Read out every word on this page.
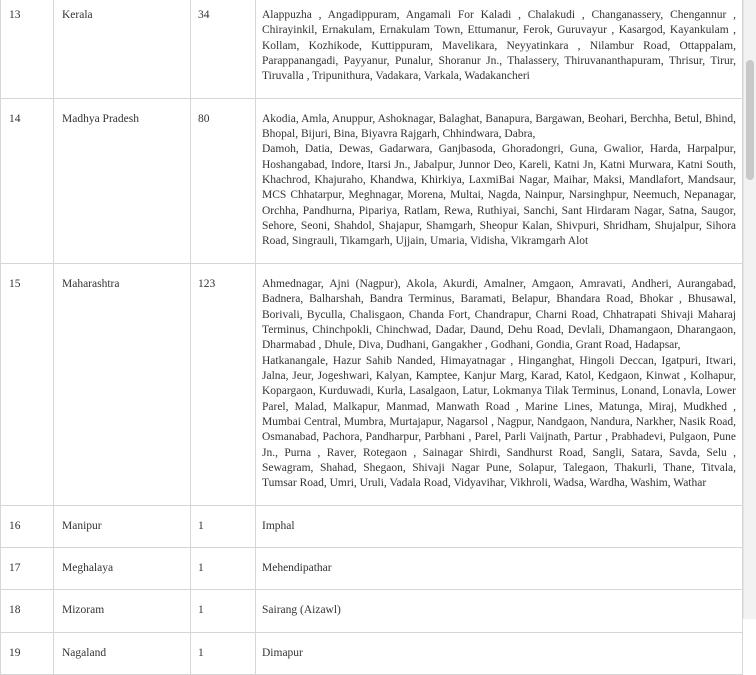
13	Kerala	34	Alappuzha , Angadippuram, Angamali For Kaladi , Chalakudi , Changanassery, Chengannur , Chirayinkil, Ernakulam, Ernakulam Town, Ettumanur, Ferok, Guruvayur , Kasargod, Kayankulam , Kollam, Kozhikode, Kuttippuram, Mavelikara, Neyyatinkara , Nilambur Road, Ottappalam, Parappanangadi, Payyanur, Punalur, Shoranur Jn., Thalassery, Thiruvananthapuram, Thrisur, Tirur, Tiruvalla , Tripunithura, Vadakara, Varkala, Wadakancheri

14	Madhya Pradesh	80	Akodia, Amla, Anuppur, Ashoknagar, Balaghat, Banapura, Bargawan, Beohari, Berchha, Betul, Bhind, Bhopal, Bijuri, Bina, Biyavra Rajgarh, Chhindwara, Dabra,
Damoh, Datia, Dewas, Gadarwara, Ganjbasoda, Ghoradongri, Guna, Gwalior, Harda, Harpalpur, Hoshangabad, Indore, Itarsi Jn., Jabalpur, Junnor Deo, Kareli, Katni Jn, Katni Murwara, Katni South, Khachrod, Khajuraho, Khandwa, Khirkiya, LaxmiBai Nagar, Maihar, Maksi, Mandlafort, Mandsaur, MCS Chhatarpur, Meghnagar, Morena, Multai, Nagda, Nainpur, Narsinghpur, Neemuch, Nepanagar, Orchha, Pandhurna, Pipariya, Ratlam, Rewa, Ruthiyai, Sanchi, Sant Hirdaram Nagar, Satna, Saugor, Sehore, Seoni, Shahdol, Shajapur, Shamgarh, Sheopur Kalan, Shivpuri, Shridham, Shujalpur, Sihora Road, Singrauli, Tikamgarh, Ujjain, Umaria, Vidisha, Vikramgarh Alot

15	Maharashtra	123	Ahmednagar, Ajni (Nagpur), Akola, Akurdi, Amalner, Amgaon, Amravati, Andheri, Aurangabad, Badnera, Balharshah, Bandra Terminus, Baramati, Belapur, Bhandara Road, Bhokar , Bhusawal, Borivali, Byculla, Chalisgaon, Chanda Fort, Chandrapur, Charni Road, Chhatrapati Shivaji Maharaj Terminus, Chinchpokli, Chinchwad, Dadar, Daund, Dehu Road, Devlali, Dhamangaon, Dharangaon, Dharmabad , Dhule, Diva, Dudhani, Gangakher , Godhani, Gondia, Grant Road, Hadapsar,
Hatkanangale, Hazur Sahib Nanded, Himayatnagar , Hinganghat, Hingoli Deccan, Igatpuri, Itwari, Jalna, Jeur, Jogeshwari, Kalyan, Kamptee, Kanjur Marg, Karad, Katol, Kedgaon, Kinwat , Kolhapur, Kopargaon, Kurduwadi, Kurla, Lasalgaon, Latur, Lokmanya Tilak Terminus, Lonand, Lonavla, Lower Parel, Malad, Malkapur, Manmad, Manwath Road , Marine Lines, Matunga, Miraj, Mudkhed , Mumbai Central, Mumbra, Murtajapur, Nagarsol , Nagpur, Nandgaon, Nandura, Narkher, Nasik Road, Osmanabad, Pachora, Pandharpur, Parbhani , Parel, Parli Vaijnath, Partur , Prabhadevi, Pulgaon, Pune Jn., Purna , Raver, Rotegaon , Sainagar Shirdi, Sandhurst Road, Sangli, Satara, Savda, Selu , Sewagram, Shahad, Shegaon, Shivaji Nagar Pune, Solapur, Talegaon, Thakurli, Thane, Titvala, Tumsar Road, Umri, Uruli, Vadala Road, Vidyavihar, Vikhroli, Wadsa, Wardha, Washim, Wathar

16	Manipur	1	Imphal

17	Meghalaya	1	Mehendipathar

18	Mizoram	1	Sairang (Aizawl)

19	Nagaland	1	Dimapur
